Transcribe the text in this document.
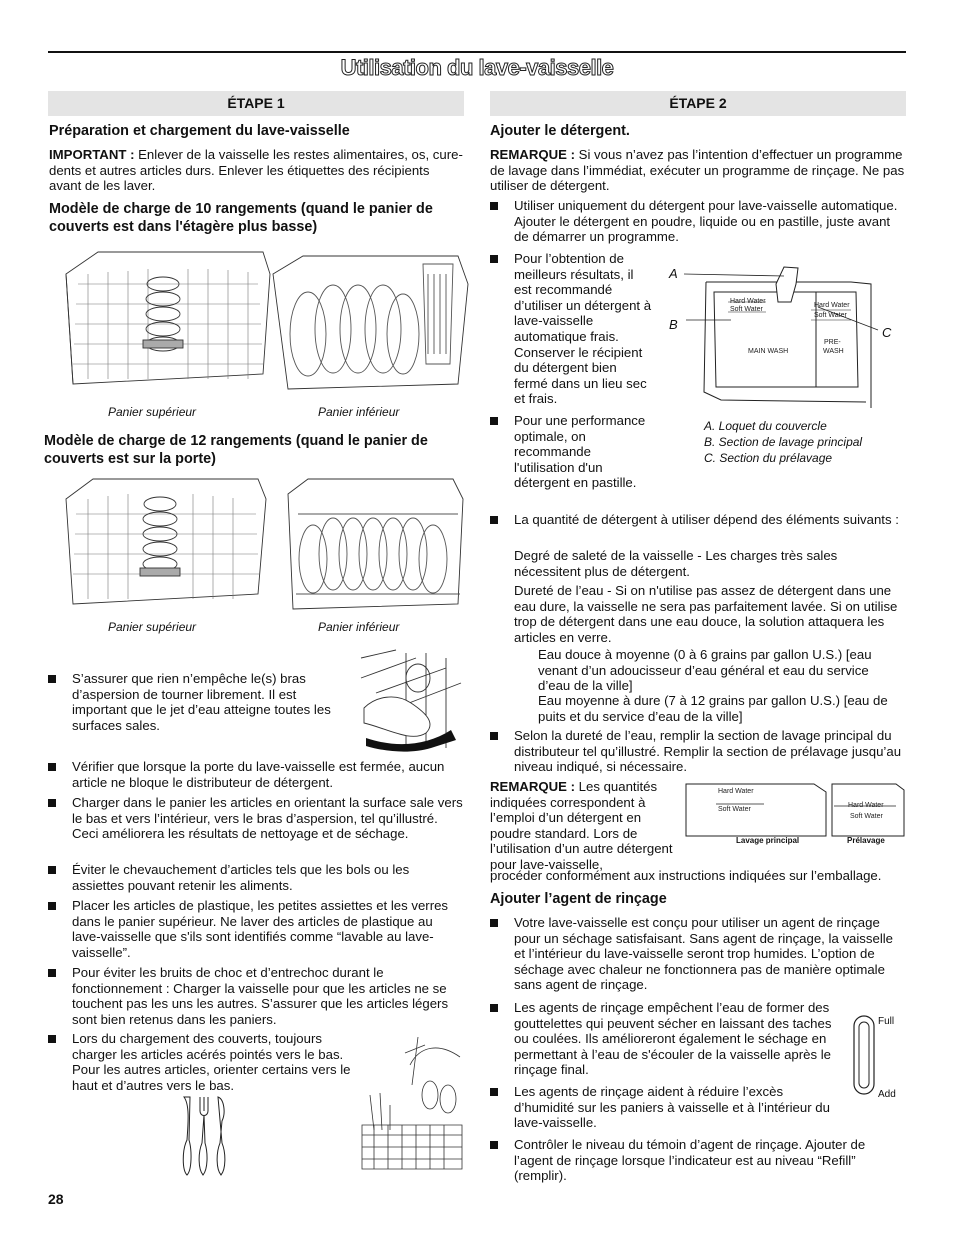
Utilisation du lave-vaisselle
ÉTAPE 1
Préparation et chargement du lave-vaisselle
IMPORTANT : Enlever de la vaisselle les restes alimentaires, os, cure-dents et autres articles durs. Enlever les étiquettes des récipients avant de les laver.
Modèle de charge de 10 rangements (quand le panier de couverts est dans l'étagère plus basse)
Panier supérieur	Panier inférieur
Modèle de charge de 12 rangements (quand le panier de couverts est sur la porte)
Panier supérieur	Panier inférieur
S’assurer que rien n’empêche le(s) bras d’aspersion de tourner librement. Il est important que le jet d’eau atteigne toutes les surfaces sales.
Vérifier que lorsque la porte du lave-vaisselle est fermée, aucun article ne bloque le distributeur de détergent.
Charger dans le panier les articles en orientant la surface sale vers le bas et vers l’intérieur, vers le bras d’aspersion, tel qu’illustré. Ceci améliorera les résultats de nettoyage et de séchage.
Éviter le chevauchement d’articles tels que les bols ou les assiettes pouvant retenir les aliments.
Placer les articles de plastique, les petites assiettes et les verres dans le panier supérieur. Ne laver des articles de plastique au lave-vaisselle que s'ils sont identifiés comme “lavable au lave-vaisselle”.
Pour éviter les bruits de choc et d’entrechoc durant le fonctionnement : Charger la vaisselle pour que les articles ne se touchent pas les uns les autres. S’assurer que les articles légers sont bien retenus dans les paniers.
Lors du chargement des couverts, toujours charger les articles acérés pointés vers le bas. Pour les autres articles, orienter certains vers le haut et d’autres vers le bas.
28
ÉTAPE 2
Ajouter le détergent.
REMARQUE : Si vous n’avez pas l’intention d’effectuer un programme de lavage dans l’immédiat, exécuter un programme de rinçage. Ne pas utiliser de détergent.
Utiliser uniquement du détergent pour lave-vaisselle automatique. Ajouter le détergent en poudre, liquide ou en pastille, juste avant de démarrer un programme.
Pour l’obtention de meilleurs résultats, il est recommandé d’utiliser un détergent à lave-vaisselle automatique frais. Conserver le récipient du détergent bien fermé dans un lieu sec et frais.
Pour une performance optimale, on recommande l'utilisation d'un détergent en pastille.
A
B
C
Hard Water
Soft Water
Hard Water
Soft Water
MAIN WASH
PRE-
WASH
A. Loquet du couvercle
B. Section de lavage principal
C. Section du prélavage
La quantité de détergent à utiliser dépend des éléments suivants :
Degré de saleté de la vaisselle - Les charges très sales nécessitent plus de détergent.
Dureté de l’eau - Si on n'utilise pas assez de détergent dans une eau dure, la vaisselle ne sera pas parfaitement lavée. Si on utilise trop de détergent dans une eau douce, la solution attaquera les articles en verre.
Eau douce à moyenne (0 à 6 grains par gallon U.S.) [eau venant d’un adoucisseur d’eau général et eau du service d’eau de la ville]
Eau moyenne à dure (7 à 12 grains par gallon U.S.) [eau de puits et du service d’eau de la ville]
Selon la dureté de l’eau, remplir la section de lavage principal du distributeur tel qu’illustré. Remplir la section de prélavage jusqu’au niveau indiqué, si nécessaire.
REMARQUE : Les quantités indiquées correspondent à l’emploi d’un détergent en poudre standard. Lors de l’utilisation d’un autre détergent pour lave-vaisselle,
Hard Water
Soft Water
Hard Water
Soft Water
Lavage principal	Prélavage
Ajouter l’agent de rinçage
Votre lave-vaisselle est conçu pour utiliser un agent de rinçage pour un séchage satisfaisant. Sans agent de rinçage, la vaisselle et l’intérieur du lave-vaisselle seront trop humides. L’option de séchage avec chaleur ne fonctionnera pas de manière optimale sans agent de rinçage.
Les agents de rinçage empêchent l’eau de former des gouttelettes qui peuvent sécher en laissant des taches ou coulées. Ils amélioreront également le séchage en permettant à l’eau de s'écouler de la vaisselle après le rinçage final.
Les agents de rinçage aident à réduire l’excès d’humidité sur les paniers à vaisselle et à l’intérieur du lave-vaisselle.
Contrôler le niveau du témoin d’agent de rinçage. Ajouter de l’agent de rinçage lorsque l’indicateur est au niveau “Refill” (remplir).
Full
Add
procéder conformément aux instructions indiquées sur l’emballage.
